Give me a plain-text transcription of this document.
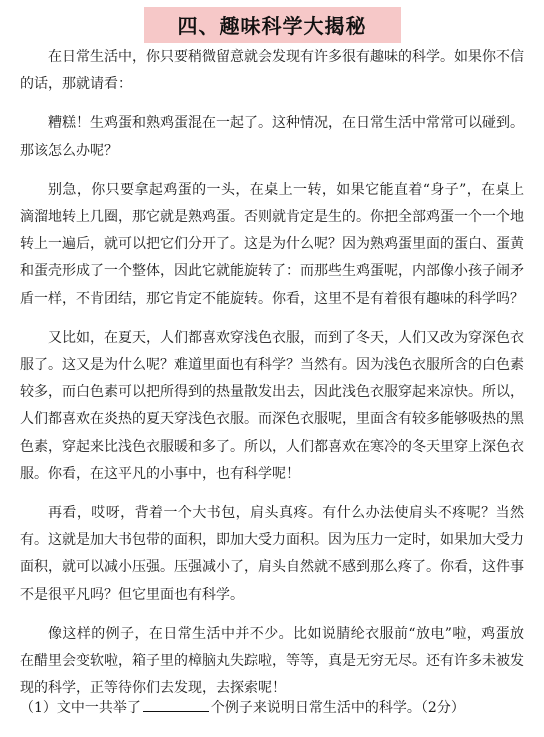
四、趣味科学大揭秘

在日常生活中，你只要稍微留意就会发现有许多很有趣味的科学。如果你不信的话，那就请看：

糟糕！生鸡蛋和熟鸡蛋混在一起了。这种情况，在日常生活中常常可以碰到。那该怎么办呢？

别急，你只要拿起鸡蛋的一头，在桌上一转，如果它能直着“身子”，在桌上滴溜地转上几圈，那它就是熟鸡蛋。否则就肯定是生的。你把全部鸡蛋一个一个地转上一遍后，就可以把它们分开了。这是为什么呢？因为熟鸡蛋里面的蛋白、蛋黄和蛋壳形成了一个整体，因此它就能旋转了：而那些生鸡蛋呢，内部像小孩子闹矛盾一样，不肯团结，那它肯定不能旋转。你看，这里不是有着很有趣味的科学吗？

又比如，在夏天，人们都喜欢穿浅色衣服，而到了冬天，人们又改为穿深色衣服了。这又是为什么呢？难道里面也有科学？当然有。因为浅色衣服所含的白色素较多，而白色素可以把所得到的热量散发出去，因此浅色衣服穿起来凉快。所以，人们都喜欢在炎热的夏天穿浅色衣服。而深色衣服呢，里面含有较多能够吸热的黑色素，穿起来比浅色衣服暖和多了。所以，人们都喜欢在寒冷的冬天里穿上深色衣服。你看，在这平凡的小事中，也有科学呢！

再看，哎呀，背着一个大书包，肩头真疼。有什么办法使肩头不疼呢？当然有。这就是加大书包带的面积，即加大受力面积。因为压力一定时，如果加大受力面积，就可以减小压强。压强减小了，肩头自然就不感到那么疼了。你看，这件事不是很平凡吗？但它里面也有科学。

像这样的例子，在日常生活中并不少。比如说腈纶衣服前“放电”啦，鸡蛋放在醋里会变软啦，箱子里的樟脑丸失踪啦，等等，真是无穷无尽。还有许多未被发现的科学，正等待你们去发现，去探索呢！

（1）文中一共举了	个例子来说明日常生活中的科学。（2分）
